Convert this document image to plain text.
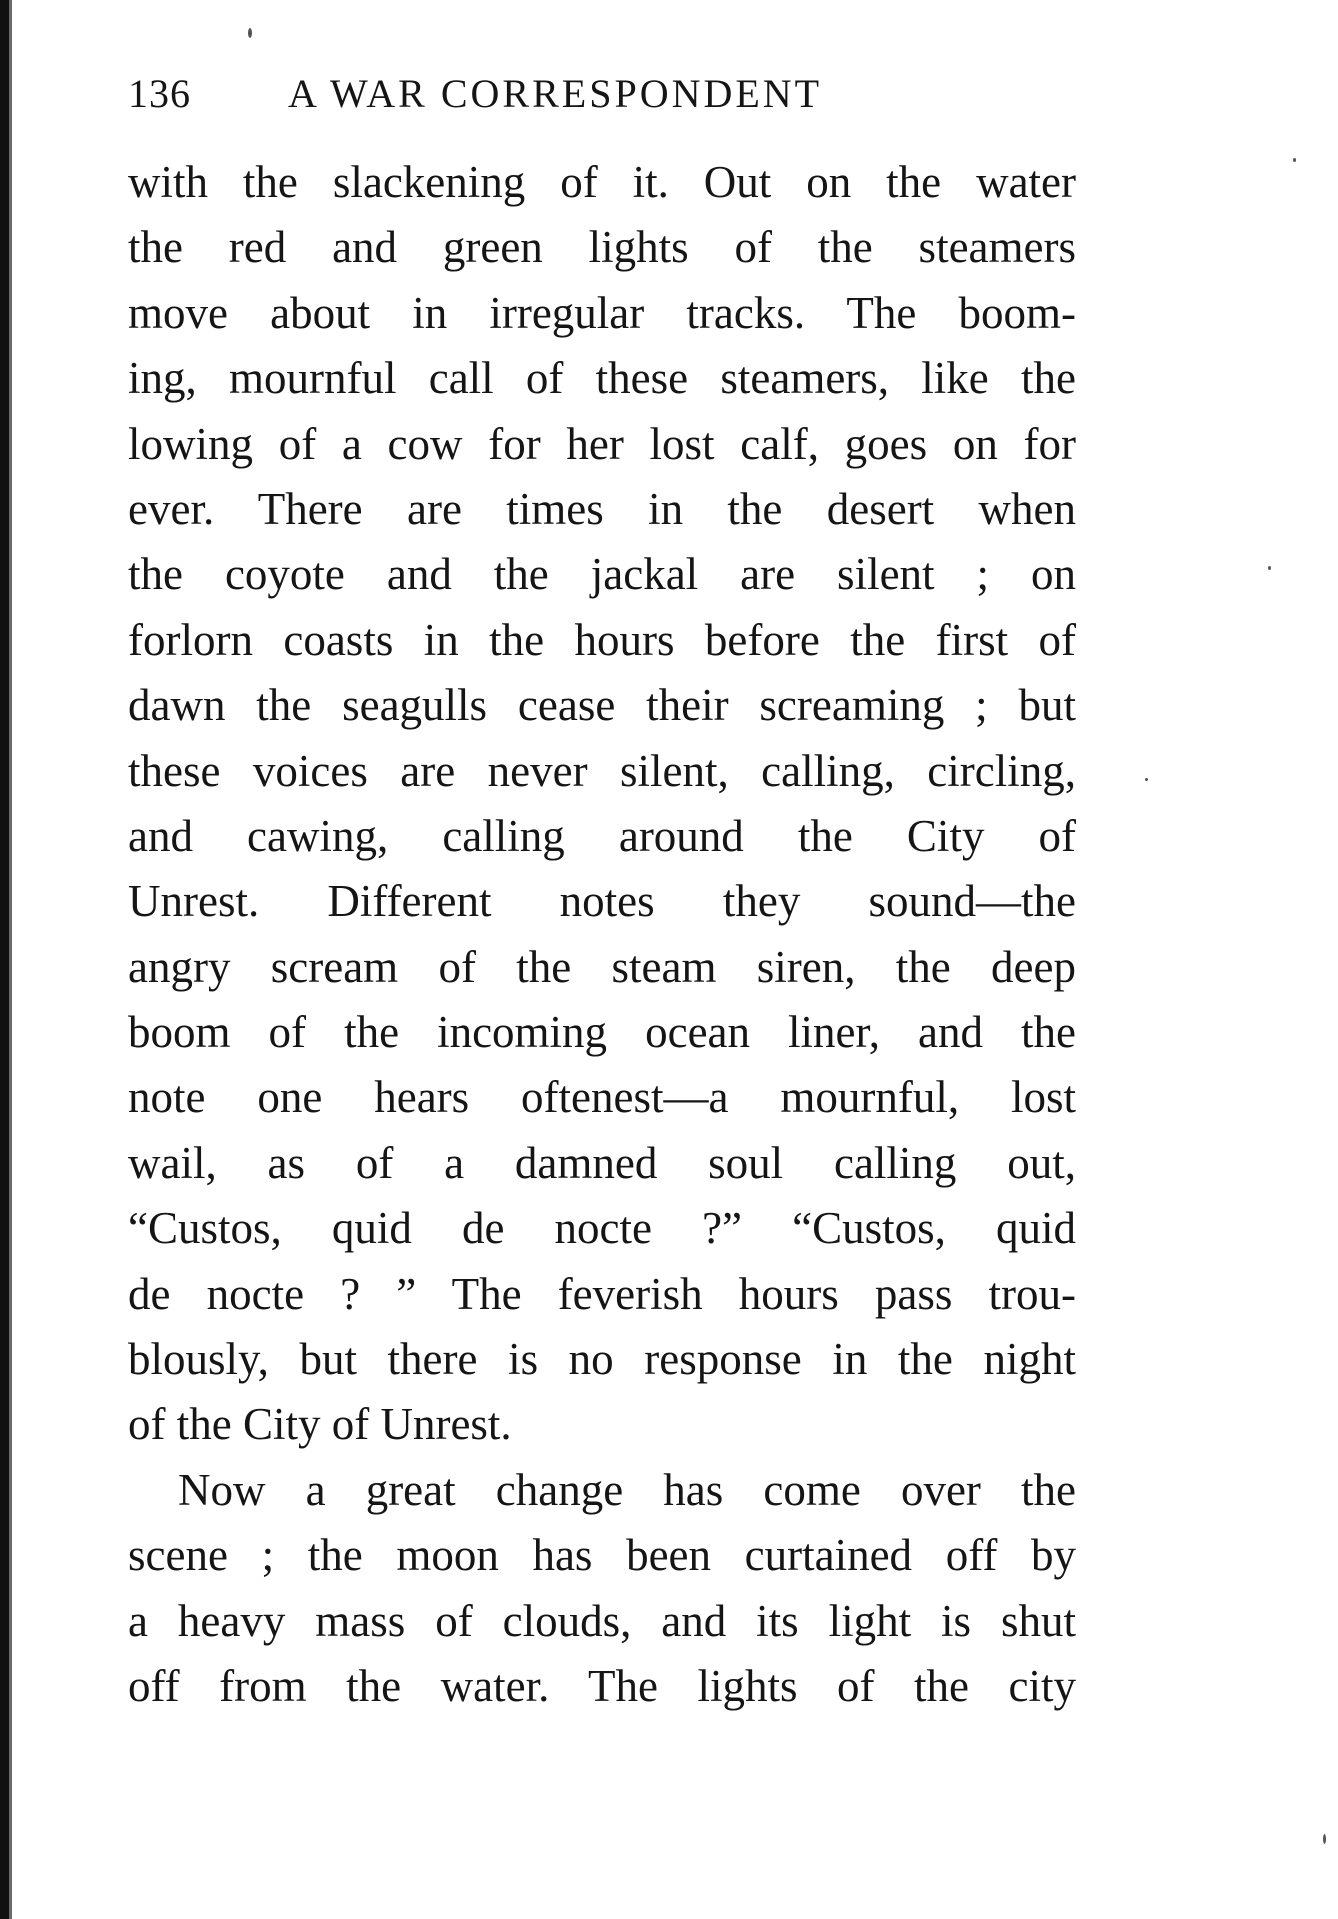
136 A WAR CORRESPONDENT
with the slackening of it. Out on the water
the red and green lights of the steamers
move about in irregular tracks. The boom-
ing, mournful call of these steamers, like the
lowing of a cow for her lost calf, goes on for
ever. There are times in the desert when
the coyote and the jackal are silent ; on
forlorn coasts in the hours before the first of
dawn the seagulls cease their screaming ; but
these voices are never silent, calling, circling,
and cawing, calling around the City of
Unrest. Different notes they sound—the
angry scream of the steam siren, the deep
boom of the incoming ocean liner, and the
note one hears oftenest—a mournful, lost
wail, as of a damned soul calling out,
“Custos, quid de nocte ?” “Custos, quid
de nocte ? ” The feverish hours pass trou-
blously, but there is no response in the night
of the City of Unrest.
Now a great change has come over the
scene ; the moon has been curtained off by
a heavy mass of clouds, and its light is shut
off from the water. The lights of the city
